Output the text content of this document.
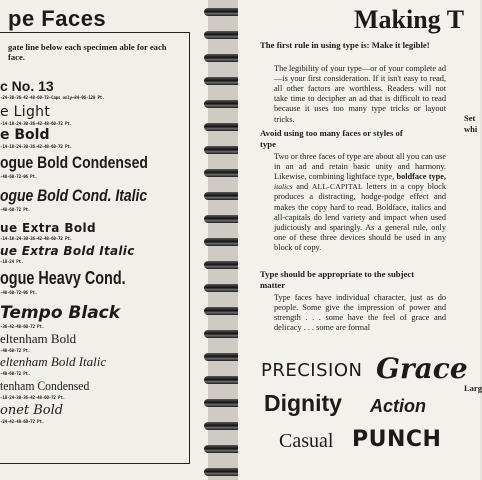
pe Faces
gate line below each specimen able for each face.
c No. 13
-24-30-36-42-48-60-72—Caps only—84-96-120 Pt.
e Light
-14-18-24-30-36-42-48-60-72 Pt.
e Bold
-14-18-24-30-36-42-48-60-72 Pt.
ogue Bold Condensed
-48-60-72-96 Pt.
ogue Bold Cond. Italic
-48-60-72 Pt.
ue Extra Bold
-14-18-24-30-36-42-48-60-72 Pt.
ue Extra Bold Italic
-18-24 Pt.
ogue Heavy Cond.
-48-60-72-96 Pt.
Tempo Black
-36-42-48-60-72 Pt.
eltenham Bold
-48-60-72 Pt.
eltenham Bold Italic
-48-60-72 Pt.
tenham Condensed
-18-24-30-36-42-48-60-72 Pt.
onet Bold
-24-42-48-60-72 Pt.
Making T
The first rule in using type is: Make it legible!
The legibility of your type—or of your complete ad—is your first consideration. If it isn't easy to read, all other factors are worthless. Readers will not take time to decipher an ad that is difficult to read because it uses too many type tricks or layout tricks.
Avoid using too many faces or styles of type
Two or three faces of type are about all you can use in an ad and retain basic unity and harmony. Likewise, combining lightface type, boldface type, italics and ALL-CAPITAL letters in a copy block produces a distracting, hodge-podge effect and makes the copy hard to read. Boldface, italics and all-capitals do lend variety and impact when used judiciously and sparingly. As a general rule, only one of these three devices should be used in any block of copy.
Type should be appropriate to the subject matter
Type faces have individual character, just as do people. Some give the impression of power and strength . . . some have the feel of grace and delicacy . . . some are formal
PRECISION Grace
Dignity Action
Casual PUNCH
Set
whi
Larg
